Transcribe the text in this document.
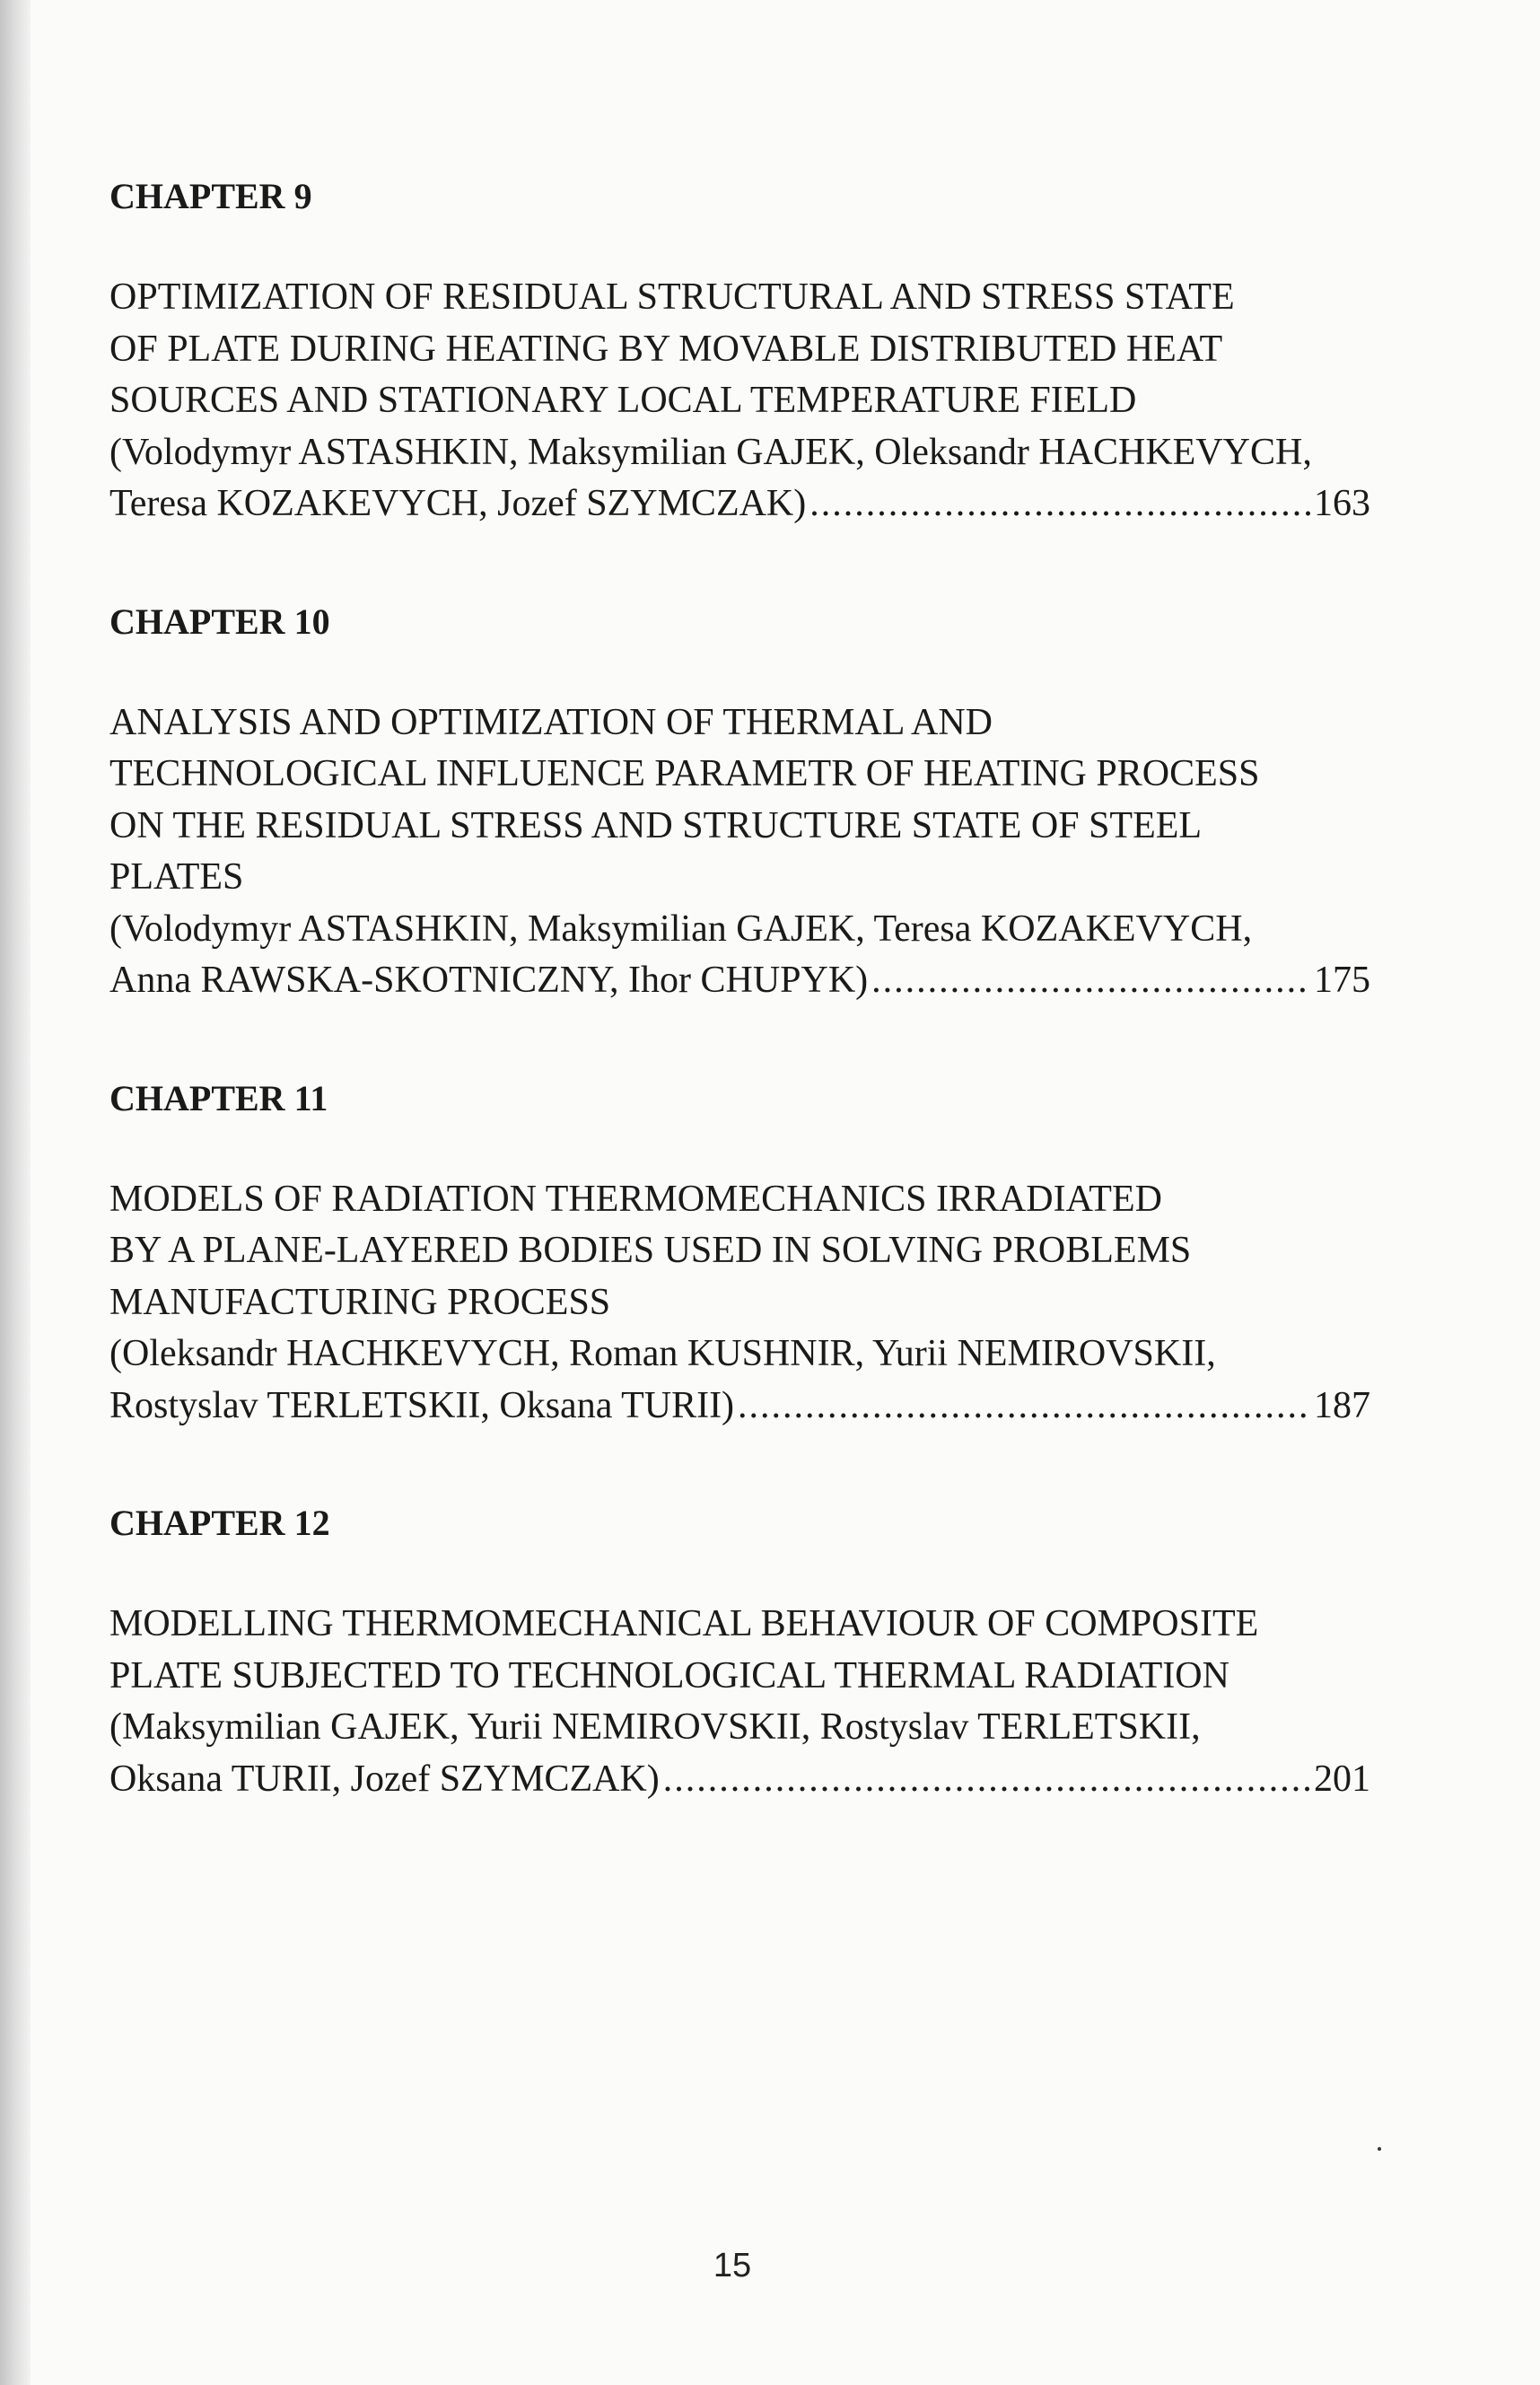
CHAPTER 9
OPTIMIZATION OF RESIDUAL STRUCTURAL AND STRESS STATE
OF PLATE DURING HEATING BY MOVABLE DISTRIBUTED HEAT
SOURCES AND STATIONARY LOCAL TEMPERATURE FIELD
(Volodymyr ASTASHKIN, Maksymilian GAJEK, Oleksandr HACHKEVYCH,
Teresa KOZAKEVYCH, Jozef SZYMCZAK) .....	163
CHAPTER 10
ANALYSIS AND OPTIMIZATION OF THERMAL AND
TECHNOLOGICAL INFLUENCE PARAMETR OF HEATING PROCESS
ON THE RESIDUAL STRESS AND STRUCTURE STATE OF STEEL
PLATES
(Volodymyr ASTASHKIN, Maksymilian GAJEK, Teresa KOZAKEVYCH,
Anna RAWSKA-SKOTNICZNY, Ihor CHUPYK) .....	175
CHAPTER 11
MODELS OF RADIATION THERMOMECHANICS IRRADIATED
BY A PLANE-LAYERED BODIES USED IN SOLVING PROBLEMS
MANUFACTURING PROCESS
(Oleksandr HACHKEVYCH, Roman KUSHNIR, Yurii NEMIROVSKII,
Rostyslav TERLETSKII, Oksana TURII) .....	187
CHAPTER 12
MODELLING THERMOMECHANICAL BEHAVIOUR OF COMPOSITE
PLATE SUBJECTED TO TECHNOLOGICAL THERMAL RADIATION
(Maksymilian GAJEK, Yurii NEMIROVSKII, Rostyslav TERLETSKII,
Oksana TURII, Jozef SZYMCZAK) .....	201
15
